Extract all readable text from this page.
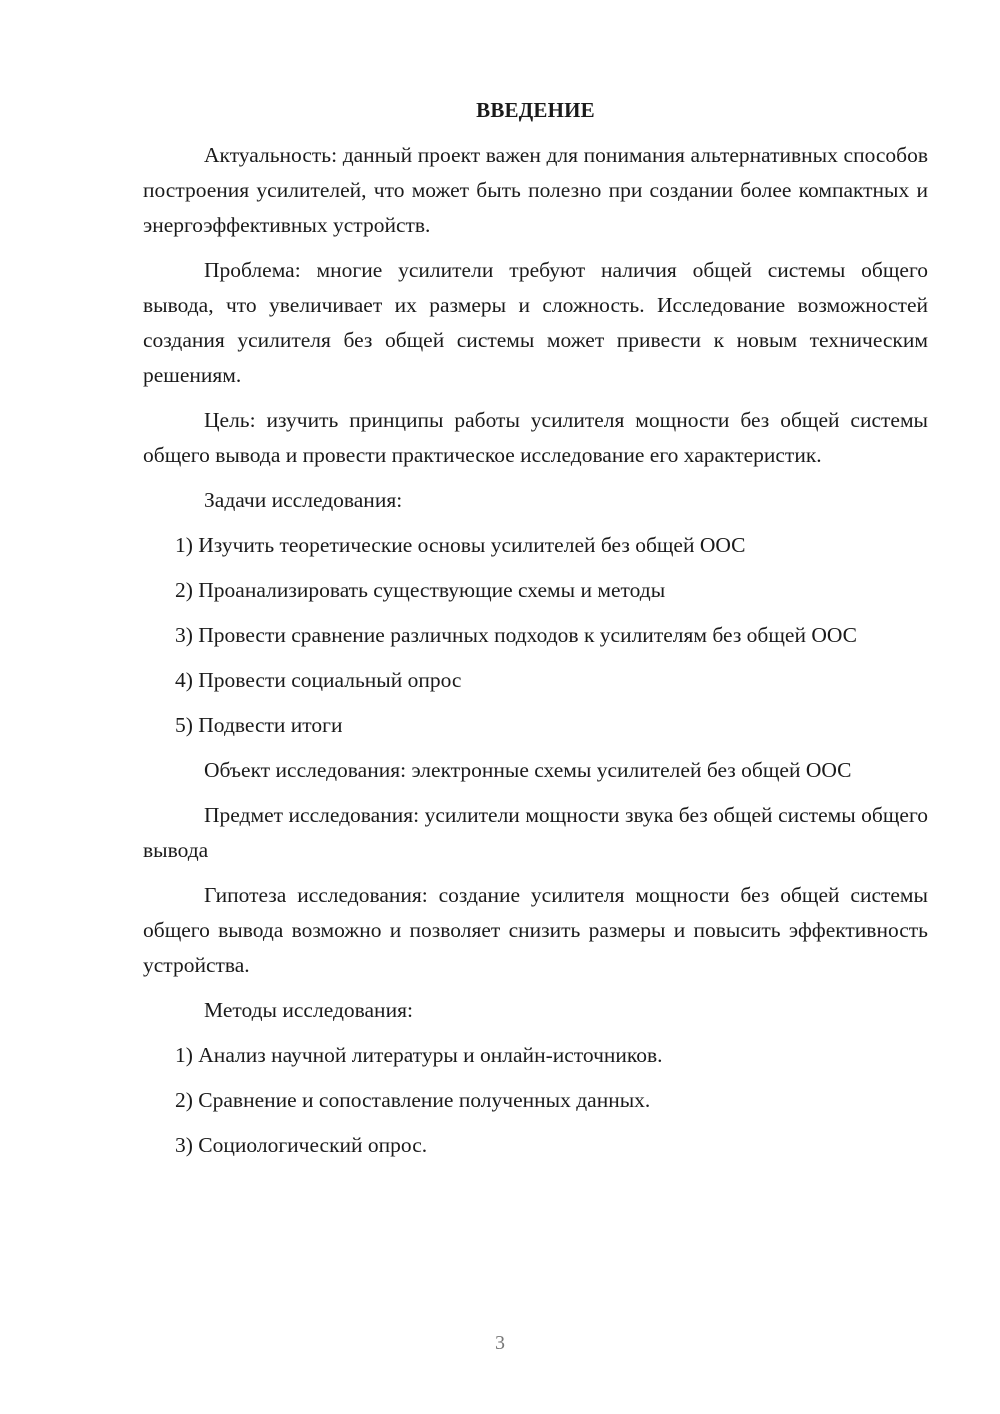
ВВЕДЕНИЕ

Актуальность: данный проект важен для понимания альтернативных способов построения усилителей, что может быть полезно при создании более компактных и энергоэффективных устройств.

Проблема: многие усилители требуют наличия общей системы общего вывода, что увеличивает их размеры и сложность. Исследование возможностей создания усилителя без общей системы может привести к новым техническим решениям.

Цель: изучить принципы работы усилителя мощности без общей системы общего вывода и провести практическое исследование его характеристик.

Задачи исследования:

1) Изучить теоретические основы усилителей без общей ООС

2) Проанализировать существующие схемы и методы

3) Провести сравнение различных подходов к усилителям без общей ООС

4) Провести социальный опрос

5) Подвести итоги

Объект исследования: электронные схемы усилителей без общей ООС

Предмет исследования: усилители мощности звука без общей системы общего вывода

Гипотеза исследования: создание усилителя мощности без общей системы общего вывода возможно и позволяет снизить размеры и повысить эффективность устройства.

Методы исследования:

1) Анализ научной литературы и онлайн-источников.

2) Сравнение и сопоставление полученных данных.

3) Социологический опрос.

3
